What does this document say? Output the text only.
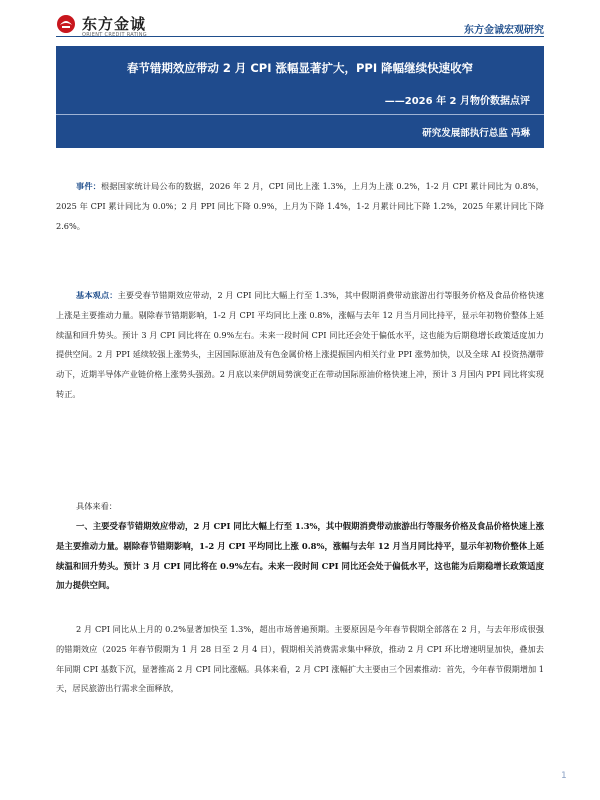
东方金诚
ORIENT CREDIT RATING	东方金诚宏观研究
春节错期效应带动 2 月 CPI 涨幅显著扩大，PPI 降幅继续快速收窄
——2026 年 2 月物价数据点评
研究发展部执行总监 冯琳
事件：根据国家统计局公布的数据，2026 年 2 月，CPI 同比上涨 1.3%，上月为上涨 0.2%，1-2 月 CPI 累计同比为 0.8%，2025 年 CPI 累计同比为 0.0%；2 月 PPI 同比下降 0.9%，上月为下降 1.4%，1-2 月累计同比下降 1.2%，2025 年累计同比下降 2.6%。
基本观点：主要受春节错期效应带动，2 月 CPI 同比大幅上行至 1.3%，其中假期消费带动旅游出行等服务价格及食品价格快速上涨是主要推动力量。剔除春节错期影响，1-2 月 CPI 平均同比上涨 0.8%，涨幅与去年 12 月当月同比持平，显示年初物价整体上延续温和回升势头。预计 3 月 CPI 同比将在 0.9%左右。未来一段时间 CPI 同比还会处于偏低水平，这也能为后期稳增长政策适度加力提供空间。2 月 PPI 延续较强上涨势头，主因国际原油及有色金属价格上涨提振国内相关行业 PPI 涨势加快，以及全球 AI 投资热潮带动下，近期半导体产业链价格上涨势头强劲。2 月底以来伊朗局势演变正在带动国际原油价格快速上冲，预计 3 月国内 PPI 同比将实现转正。
具体来看：
一、主要受春节错期效应带动，2 月 CPI 同比大幅上行至 1.3%，其中假期消费带动旅游出行等服务价格及食品价格快速上涨是主要推动力量。剔除春节错期影响，1-2 月 CPI 平均同比上涨 0.8%，涨幅与去年 12 月当月同比持平，显示年初物价整体上延续温和回升势头。预计 3 月 CPI 同比将在 0.9%左右。未来一段时间 CPI 同比还会处于偏低水平，这也能为后期稳增长政策适度加力提供空间。
2 月 CPI 同比从上月的 0.2%显著加快至 1.3%，超出市场普遍预期。主要原因是今年春节假期全部落在 2 月，与去年形成很强的错期效应（2025 年春节假期为 1 月 28 日至 2 月 4 日），假期相关消费需求集中释放，推动 2 月 CPI 环比增速明显加快，叠加去年同期 CPI 基数下沉，显著推高 2 月 CPI 同比涨幅。具体来看，2 月 CPI 涨幅扩大主要由三个因素推动：首先，今年春节假期增加 1 天，居民旅游出行需求全面释放，
1
